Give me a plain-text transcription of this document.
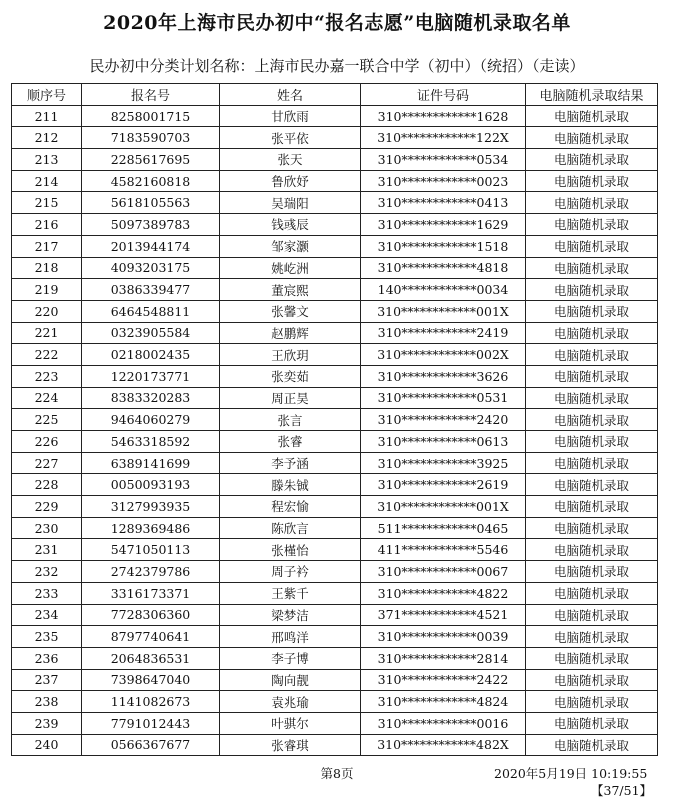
2020年上海市民办初中“报名志愿”电脑随机录取名单
民办初中分类计划名称：上海市民办嘉一联合中学（初中）（统招）（走读）
顺序号	报名号	姓名	证件号码	电脑随机录取结果
211	8258001715	甘欣雨	310************1628	电脑随机录取
212	7183590703	张平依	310************122X	电脑随机录取
213	2285617695	张天	310************0534	电脑随机录取
214	4582160818	鲁欣妤	310************0023	电脑随机录取
215	5618105563	吴瑞阳	310************0413	电脑随机录取
216	5097389783	钱彧辰	310************1629	电脑随机录取
217	2013944174	邹家灏	310************1518	电脑随机录取
218	4093203175	姚屹洲	310************4818	电脑随机录取
219	0386339477	董宸熙	140************0034	电脑随机录取
220	6464548811	张馨文	310************001X	电脑随机录取
221	0323905584	赵鹏辉	310************2419	电脑随机录取
222	0218002435	王欣玥	310************002X	电脑随机录取
223	1220173771	张奕茹	310************3626	电脑随机录取
224	8383320283	周正昊	310************0531	电脑随机录取
225	9464060279	张言	310************2420	电脑随机录取
226	5463318592	张睿	310************0613	电脑随机录取
227	6389141699	李予涵	310************3925	电脑随机录取
228	0050093193	滕朱铖	310************2619	电脑随机录取
229	3127993935	程宏愉	310************001X	电脑随机录取
230	1289369486	陈欣言	511************0465	电脑随机录取
231	5471050113	张槿怡	411************5546	电脑随机录取
232	2742379786	周子衿	310************0067	电脑随机录取
233	3316173371	王紫千	310************4822	电脑随机录取
234	7728306360	梁梦洁	371************4521	电脑随机录取
235	8797740641	邢鸣洋	310************0039	电脑随机录取
236	2064836531	李子博	310************2814	电脑随机录取
237	7398647040	陶向靓	310************2422	电脑随机录取
238	1141082673	袁兆瑜	310************4824	电脑随机录取
239	7791012443	叶骐尔	310************0016	电脑随机录取
240	0566367677	张睿琪	310************482X	电脑随机录取
第8页	2020年5月19日 10:19:55
【37/51】
